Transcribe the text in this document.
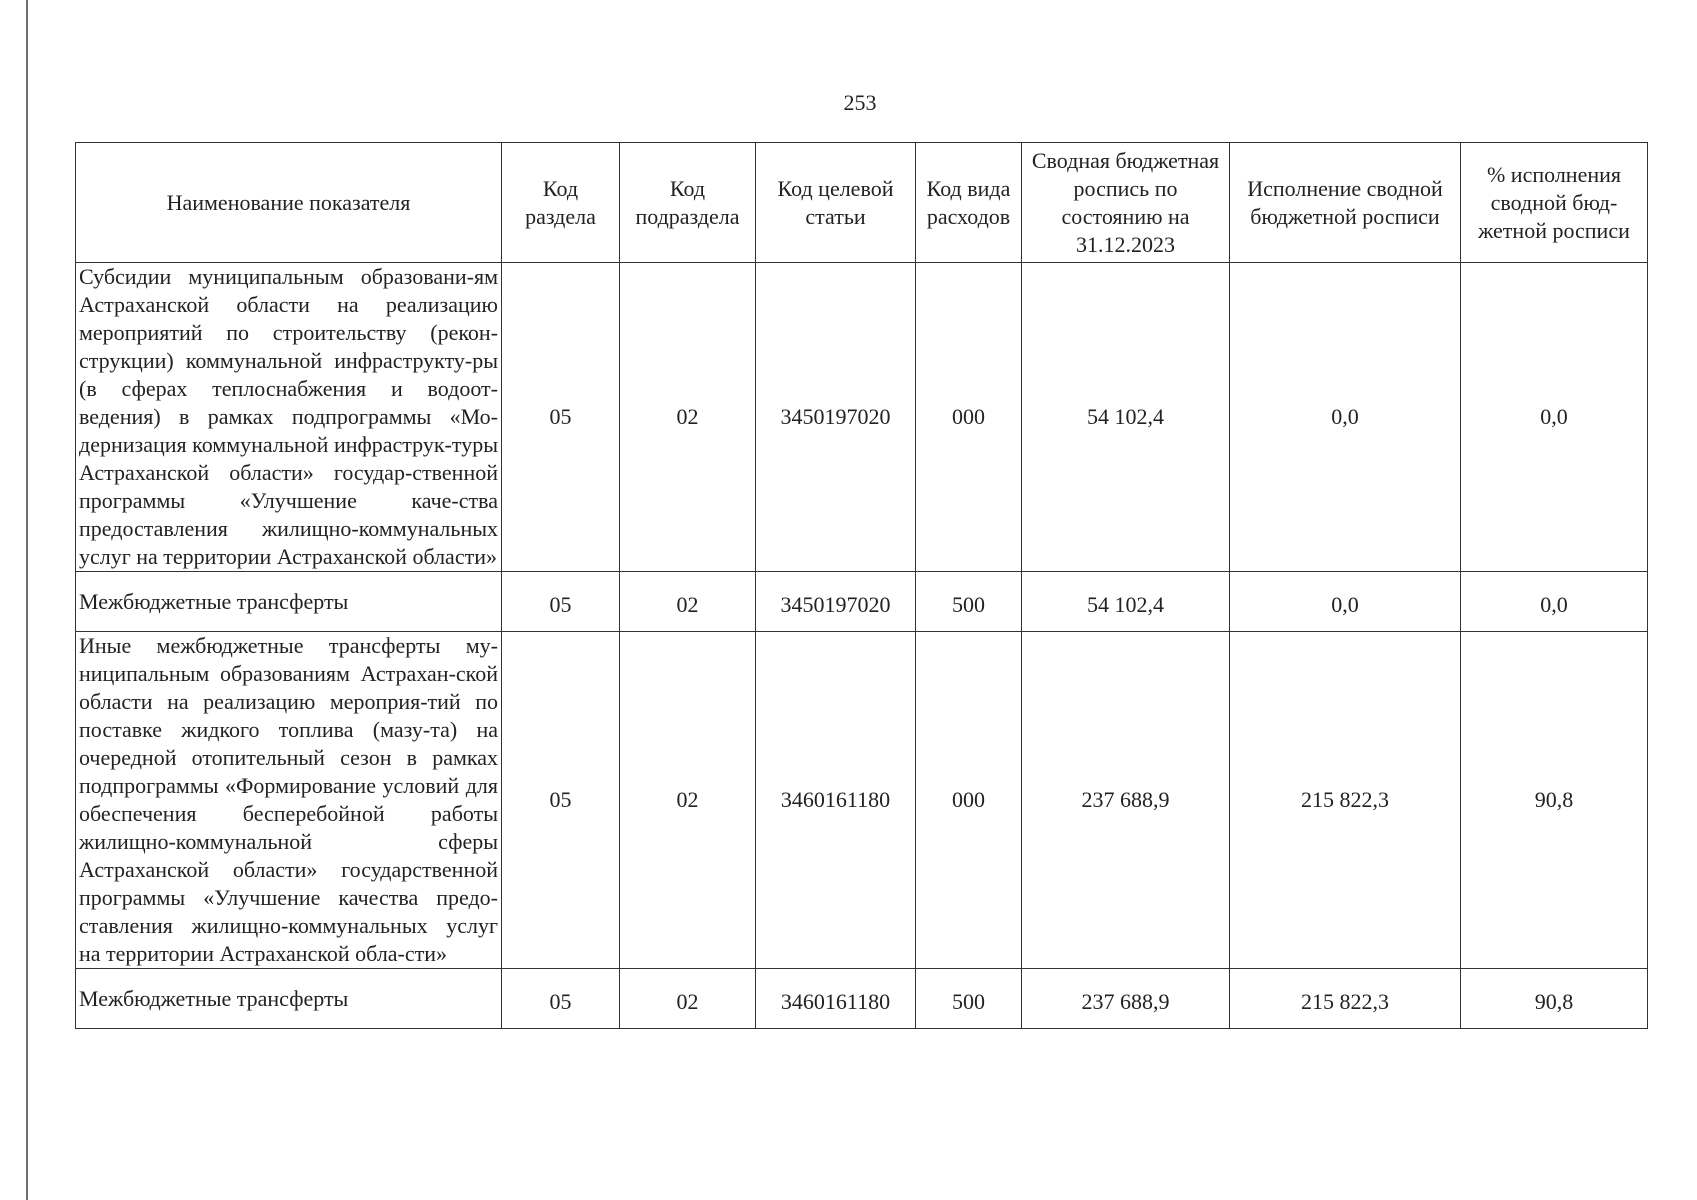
253
Наименование показателя	Код раздела	Код подраздела	Код целевой статьи	Код вида расходов	Сводная бюджетная роспись по состоянию на 31.12.2023	Исполнение сводной бюджетной росписи	% исполнения сводной бюд-жетной росписи
Субсидии муниципальным образовани-ям Астраханской области на реализацию мероприятий по строительству (рекон-струкции) коммунальной инфраструкту-ры (в сферах теплоснабжения и водоот-ведения) в рамках подпрограммы «Мо-дернизация коммунальной инфраструк-туры Астраханской области» государ-ственной программы «Улучшение каче-ства предоставления жилищно-коммунальных услуг на территории Астраханской области»	05	02	3450197020	000	54 102,4	0,0	0,0
Межбюджетные трансферты	05	02	3450197020	500	54 102,4	0,0	0,0
Иные межбюджетные трансферты му-ниципальным образованиям Астрахан-ской области на реализацию мероприя-тий по поставке жидкого топлива (мазу-та) на очередной отопительный сезон в рамках подпрограммы «Формирование условий для обеспечения бесперебойной работы жилищно-коммунальной сферы Астраханской области» государственной программы «Улучшение качества предо-ставления жилищно-коммунальных услуг на территории Астраханской обла-сти»	05	02	3460161180	000	237 688,9	215 822,3	90,8
Межбюджетные трансферты	05	02	3460161180	500	237 688,9	215 822,3	90,8
